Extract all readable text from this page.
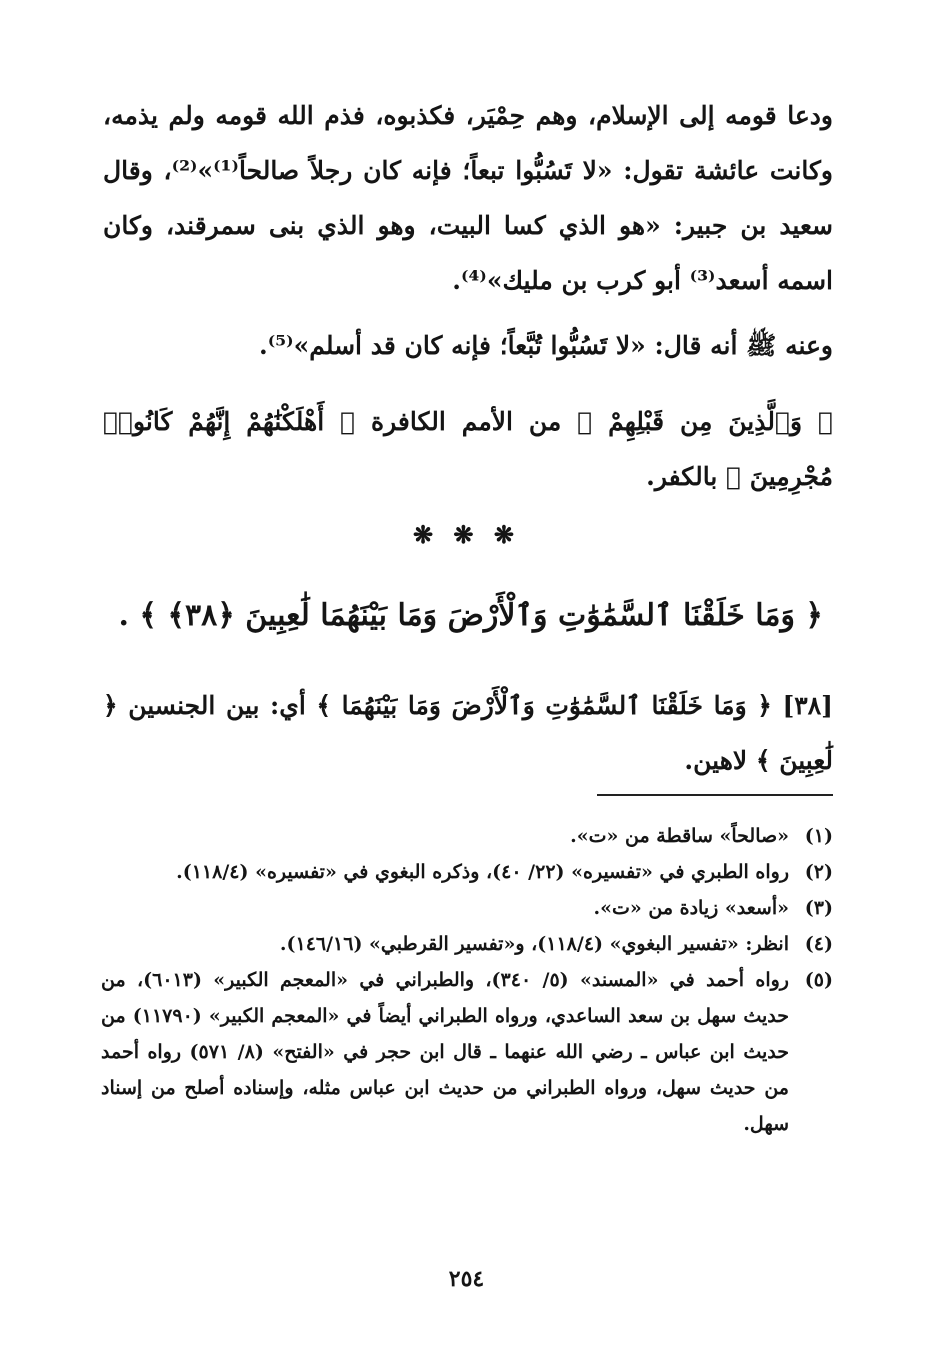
ودعا قومه إلى الإسلام، وهم حِمْيَر، فكذبوه، فذم الله قومه ولم يذمه، وكانت عائشة تقول: «لا تَسُبُّوا تبعاً؛ فإنه كان رجلاً صالحاً⁽¹⁾»⁽²⁾، وقال سعيد بن جبير: «هو الذي كسا البيت، وهو الذي بنى سمرقند، وكان اسمه أسعد⁽³⁾ أبو كرب بن مليك»⁽⁴⁾.

وعنه ﷺ أنه قال: «لا تَسُبُّوا تُبَّعاً؛ فإنه كان قد أسلم»⁽⁵⁾.

﴿ وَٱلَّذِينَ مِن قَبْلِهِمْ ﴾ من الأمم الكافرة ﴿ أَهْلَكْنَٰهُمْ إِنَّهُمْ كَانُوا۟ مُجْرِمِينَ ﴾ بالكفر.

❋ ❋ ❋

﴿ وَمَا خَلَقْنَا ٱلسَّمَٰوَٰتِ وَٱلْأَرْضَ وَمَا بَيْنَهُمَا لَٰعِبِينَ ﴿٣٨﴾ ﴾ .

[٣٨] ﴿ وَمَا خَلَقْنَا ٱلسَّمَٰوَٰتِ وَٱلْأَرْضَ وَمَا بَيْنَهُمَا ﴾ أي: بين الجنسين ﴿ لَٰعِبِينَ ﴾ لاهين.

(١)
«صالحاً» ساقطة من «ت».
(٢)
رواه الطبري في «تفسيره» (٢٢/ ٤٠)، وذكره البغوي في «تفسيره» (١١٨/٤).
(٣)
«أسعد» زيادة من «ت».
(٤)
انظر: «تفسير البغوي» (١١٨/٤)، و«تفسير القرطبي» (١٤٦/١٦).
(٥)
رواه أحمد في «المسند» (٥/ ٣٤٠)، والطبراني في «المعجم الكبير» (٦٠١٣)، من حديث سهل بن سعد الساعدي، ورواه الطبراني أيضاً في «المعجم الكبير» (١١٧٩٠) من حديث ابن عباس ـ رضي الله عنهما ـ قال ابن حجر في «الفتح» (٨/ ٥٧١) رواه أحمد من حديث سهل، ورواه الطبراني من حديث ابن عباس مثله، وإسناده أصلح من إسناد سهل.
٢٥٤
